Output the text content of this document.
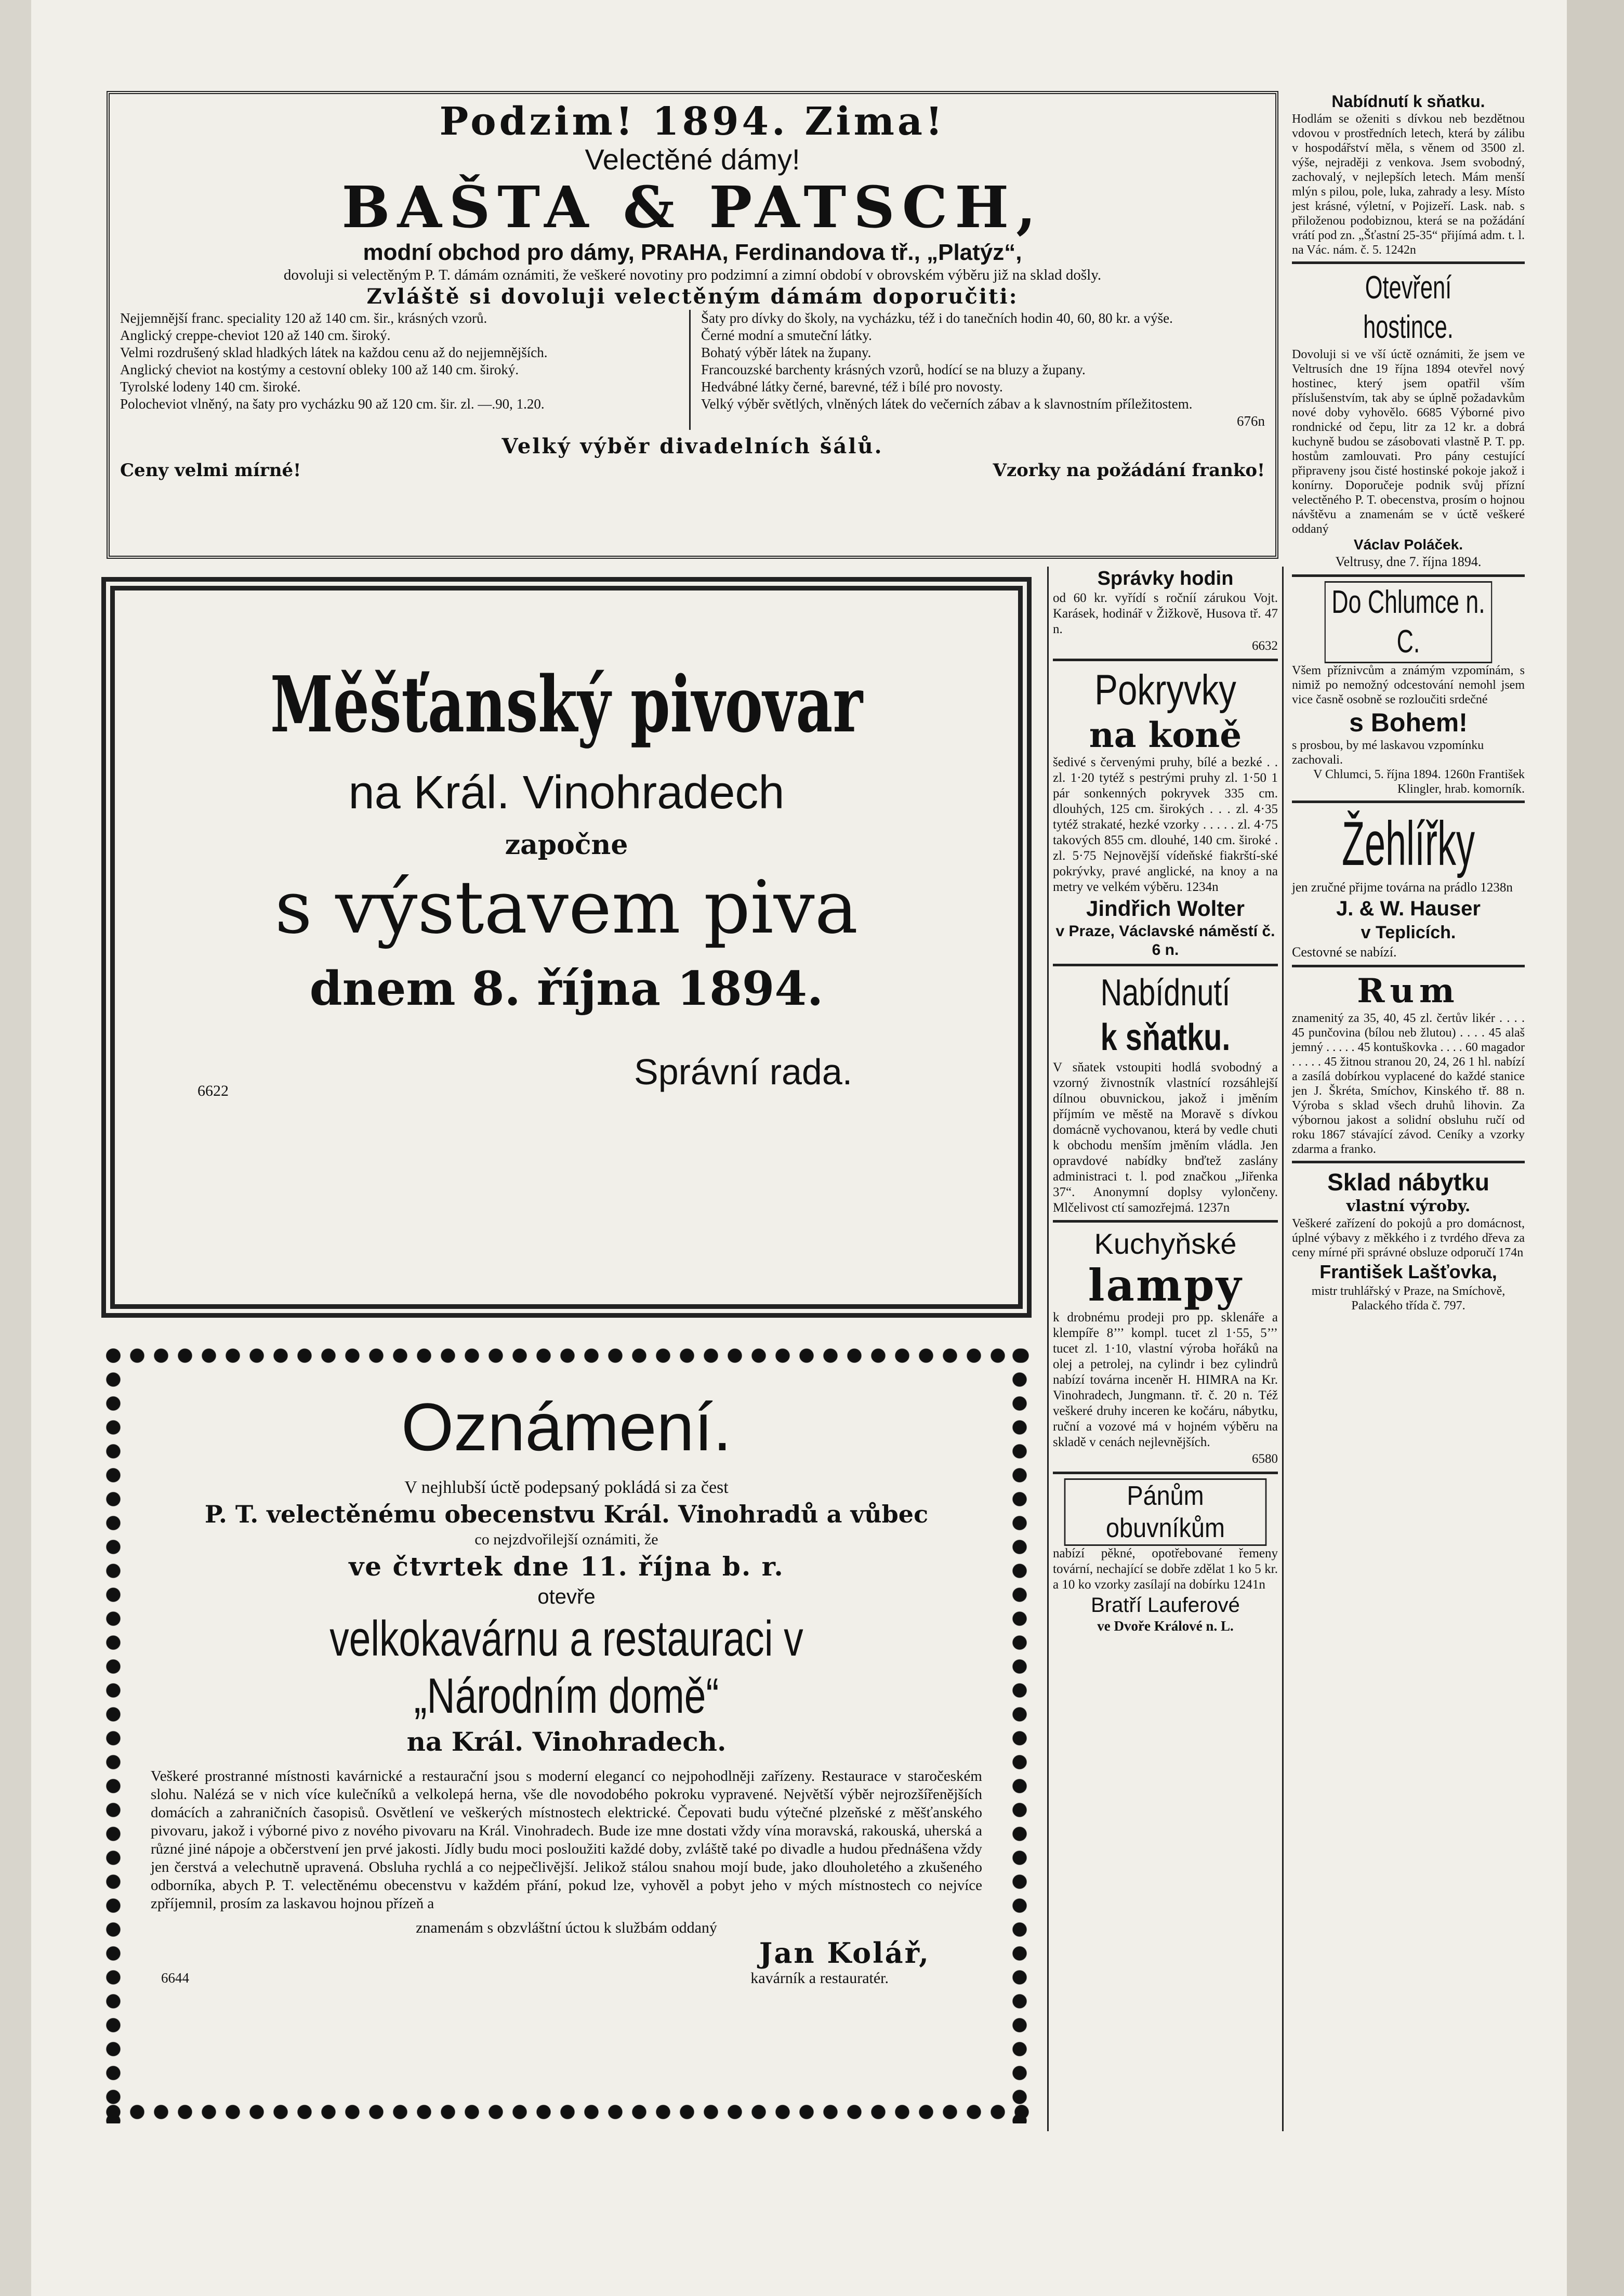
Podzim! 1894. Zima!
Velectěné dámy!
BAŠTA & PATSCH,
modní obchod pro dámy, PRAHA, Ferdinandova tř., „Platýz“,
dovoluji si velectěným P. T. dámám oznámiti, že veškeré novotiny pro podzimní a zimní období v obrovském výběru již na sklad došly.
Zvláště si dovoluji velectěným dámám doporučiti:

Nejjemnější franc. speciality 120 až 140 cm. šir., krásných vzorů.

Anglický creppe-cheviot 120 až 140 cm. široký.

Velmi rozdrušený sklad hladkých látek na každou cenu až do nejjemnějších.

Anglický cheviot na kostýmy a cestovní obleky 100 až 140 cm. široký.

Tyrolské lodeny 140 cm. široké.

Polocheviot vlněný, na šaty pro vycházku 90 až 120 cm. šir. zl. —.90, 1.20.

Šaty pro dívky do školy, na vycházku, též i do tanečních hodin 40, 60, 80 kr. a výše.

Černé modní a smuteční látky.

Bohatý výběr látek na župany.

Francouzské barchenty krásných vzorů, hodící se na bluzy a župany.

Hedvábné látky černé, barevné, též i bílé pro novosty.

Velký výběr světlých, vlněných látek do večerních zábav a k slavnostním příležitostem.

676n

Velký výběr divadelních šálů.
Ceny velmi mírné!	Vzorky na požádání franko!
Měšťanský pivovar
na Král. Vinohradech
započne
s výstavem piva
dnem 8. října 1894.
6622	Správní rada.
Oznámení.
V nejhlubší úctě podepsaný pokládá si za čest
P. T. velectěnému obecenstvu Král. Vinohradů a vůbec
co nejzdvořilejší oznámiti, že
ve čtvrtek dne 11. října b. r.
otevře
velkokavárnu a restauraci v „Národním domě“
na Král. Vinohradech.

Veškeré prostranné místnosti kavárnické a restaurační jsou s moderní elegancí co nejpohodlněji zařízeny. Restaurace v staročeském slohu. Nalézá se v nich více kulečníků a velkolepá herna, vše dle novodobého pokroku vypravené. Největší výběr nejrozšířenějších domácích a zahraničních časopisů. Osvětlení ve veškerých místnostech elektrické. Čepovati budu výtečné plzeňské z měšťanského pivovaru, jakož i výborné pivo z nového pivovaru na Král. Vinohradech. Bude ize mne dostati vždy vína moravská, rakouská, uherská a různé jiné nápoje a občerstvení jen prvé jakosti. Jídly budu moci posloužiti každé doby, zvláště také po divadle a hudou přednášena vždy jen čerstvá a velechutně upravená. Obsluha rychlá a co nejpečlivější. Jelikož stálou snahou mojí bude, jako dlouholetého a zkušeného odborníka, abych P. T. velectěnému obecenstvu v každém přání, pokud lze, vyhověl a pobyt jeho v mých místnostech co nejvíce zpříjemnil, prosím za laskavou hojnou přízeň a

znamenám s obzvláštní úctou k službám oddaný
Jan Kolář,
6644	kavárník a restauratér.
Správky hodin

od 60 kr. vyřídí s ročníí zárukou Vojt. Karásek, hodinář v Žižkově, Husova tř. 47 n.

6632

Pokryvky
na koně

šedivé s červenými pruhy, bílé a bezké . . zl. 1·20 tytéž s pestrými pruhy zl. 1·50 1 pár sonkenných pokryvek 335 cm. dlouhých, 125 cm. širokých . . . zl. 4·35 tytéž strakaté, hezké vzorky . . . . . zl. 4·75 takových 855 cm. dlouhé, 140 cm. široké . zl. 5·75 Nejnovější vídeňské fiakrští-ské pokrývky, pravé anglické, na knoy a na metry ve velkém výběru. 1234n

Jindřich Wolter
v Praze, Václavské náměstí č. 6 n.
Nabídnutí
k sňatku.

V sňatek vstoupiti hodlá svobodný a vzorný živnostník vlastnící rozsáhlejší dílnou obuvnickou, jakož i jměním příjmím ve městě na Moravě s dívkou domácně vychovanou, která by vedle chuti k obchodu menším jměním vládla. Jen opravdové nabídky bnďtež zaslány administraci t. l. pod značkou „Jiřenka 37“. Anonymní doplsy vylončeny. Mlčelivost ctí samozřejmá. 1237n

Kuchyňské
lampy

k drobnému prodeji pro pp. sklenáře a klempíře 8’’’ kompl. tucet zl 1·55, 5’’’ tucet zl. 1·10, vlastní výroba hořáků na olej a petrolej, na cylindr i bez cylindrů nabízí továrna inceněr H. HIMRA na Kr. Vinohradech, Jungmann. tř. č. 20 n. Též veškeré druhy inceren ke kočáru, nábytku, ruční a vozové má v hojném výběru na skladě v cenách nejlevnějších.

6580

Pánům obuvníkům

nabízí pěkné, opotřebované řemeny tovární, nechající se dobře zdělat 1 ko 5 kr. a 10 ko vzorky zasílají na dobírku 1241n

Bratří Lauferové
ve Dvoře Králové n. L.
Nabídnutí k sňatku.

Hodlám se oženiti s dívkou neb bezdětnou vdovou v prostředních letech, která by zálibu v hospodářství měla, s věnem od 3500 zl. výše, nejraději z venkova. Jsem svobodný, zachovalý, v nejlepších letech. Mám menší mlýn s pilou, pole, luka, zahrady a lesy. Místo jest krásné, výletní, v Pojizeří. Lask. nab. s přiloženou podobiznou, která se na požádání vrátí pod zn. „Šťastní 25-35“ přijímá adm. t. l. na Vác. nám. č. 5. 1242n

Otevření hostince.

Dovoluji si ve vší úctě oznámiti, že jsem ve Veltrusích dne 19 října 1894 otevřel nový hostinec, který jsem opatřil vším příslušenstvím, tak aby se úplně požadavkům nové doby vyhovělo. 6685 Výborné pivo rondnické od čepu, litr za 12 kr. a dobrá kuchyně budou se zásobovati vlastně P. T. pp. hostům zamlouvati. Pro pány cestující připraveny jsou čisté hostinské pokoje jakož i konírny. Doporučeje podnik svůj přízní velectěného P. T. obecenstva, prosím o hojnou návštěvu a znamenám se v úctě veškeré oddaný

Václav Poláček.
Veltrusy, dne 7. října 1894.
Do Chlumce n. C.

Všem příznivcům a známým vzpomínám, s nimiž po nemožný odcestování nemohl jsem vice časně osobně se rozloučiti srdečné

s Bohem!

s prosbou, by mé laskavou vzpomínku zachovali.

V Chlumci, 5. října 1894. 1260n František Klingler, hrab. komorník.

Žehlířky

jen zručné přijme továrna na prádlo 1238n

J. & W. Hauser
v Teplicích.
Cestovné se nabízí.
Rum

znamenitý za 35, 40, 45 zl. čertův likér . . . . 45 punčovina (bílou neb žlutou) . . . . 45 alaš jemný . . . . . 45 kontuškovka . . . . 60 magador . . . . . 45 žitnou stranou 20, 24, 26 1 hl. nabízí a zasílá dobírkou vyplacené do každé stanice jen J. Škréta, Smíchov, Kinského tř. 88 n. Výroba s sklad všech druhů lihovin. Za výbornou jakost a solidní obsluhu ručí od roku 1867 stávající závod. Ceníky a vzorky zdarma a franko.

Sklad nábytku
vlastní výroby.

Veškeré zařízení do pokojů a pro domácnost, úplné výbavy z měkkého i z tvrdého dřeva za ceny mírné při správné obsluze odporučí 174n

František Lašťovka,

mistr truhlářský v Praze, na Smíchově, Palackého třída č. 797.
